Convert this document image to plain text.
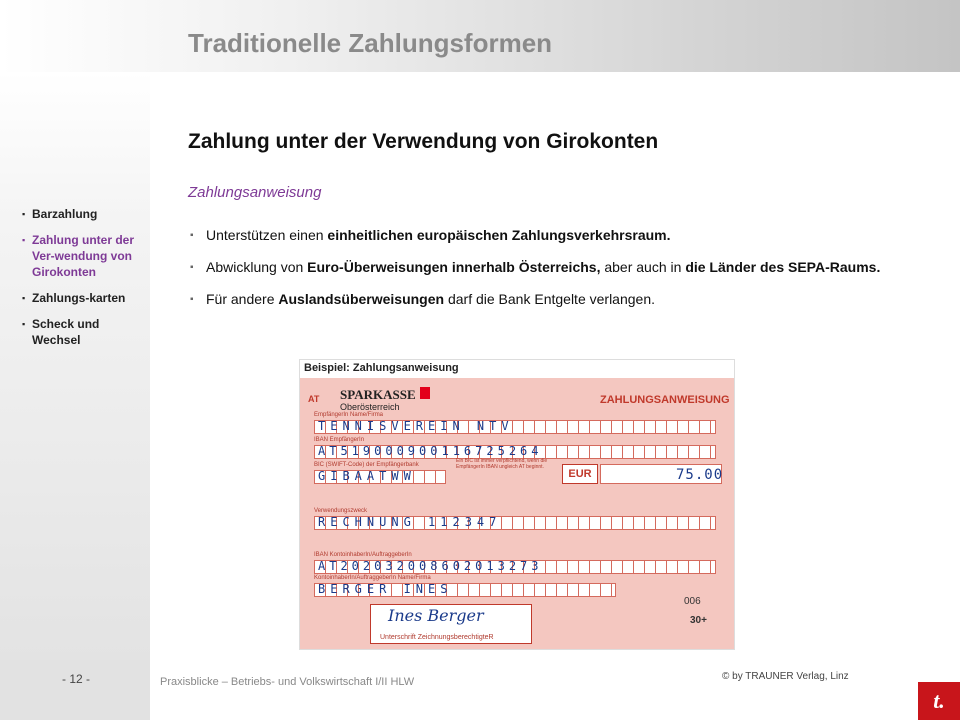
Traditionelle Zahlungsformen
▪ Barzahlung
▪ Zahlung unter der Ver-wendung von Girokonten
▪ Zahlungs-karten
▪ Scheck und Wechsel
Zahlung unter der Verwendung von Girokonten
Zahlungsanweisung
▪ Unterstützen einen einheitlichen europäischen Zahlungsverkehrsraum.
▪ Abwicklung von Euro-Überweisungen innerhalb Österreichs, aber auch in die Länder des SEPA-Raums.
▪ Für andere Auslandsüberweisungen darf die Bank Entgelte verlangen.
Beispiel: Zahlungsanweisung
AT SPARKASSE
Oberösterreich
ZAHLUNGSANWEISUNG
EmpfängerIn Name/Firma
TENNISVEREIN NTV
IBAN EmpfängerIn
AT519000900116725264
BIC (SWIFT-Code) der Empfängerbank
GIBAATWW
Ein BIC ist immer verpflichtend, wenn die EmpfängerIn IBAN ungleich AT beginnt.
EUR	75.00
Verwendungszweck
RECHNUNG 112347
IBAN KontoinhaberIn/AuftraggeberIn
AT202032008602013273
KontoinhaberIn/AuftraggeberIn Name/Firma
BERGER INES
006
30+
Ines Berger
Unterschrift ZeichnungsberechtigteR
- 12 -	Praxisblicke – Betriebs- und Volkswirtschaft I/II HLW	© by TRAUNER Verlag, Linz
t.
